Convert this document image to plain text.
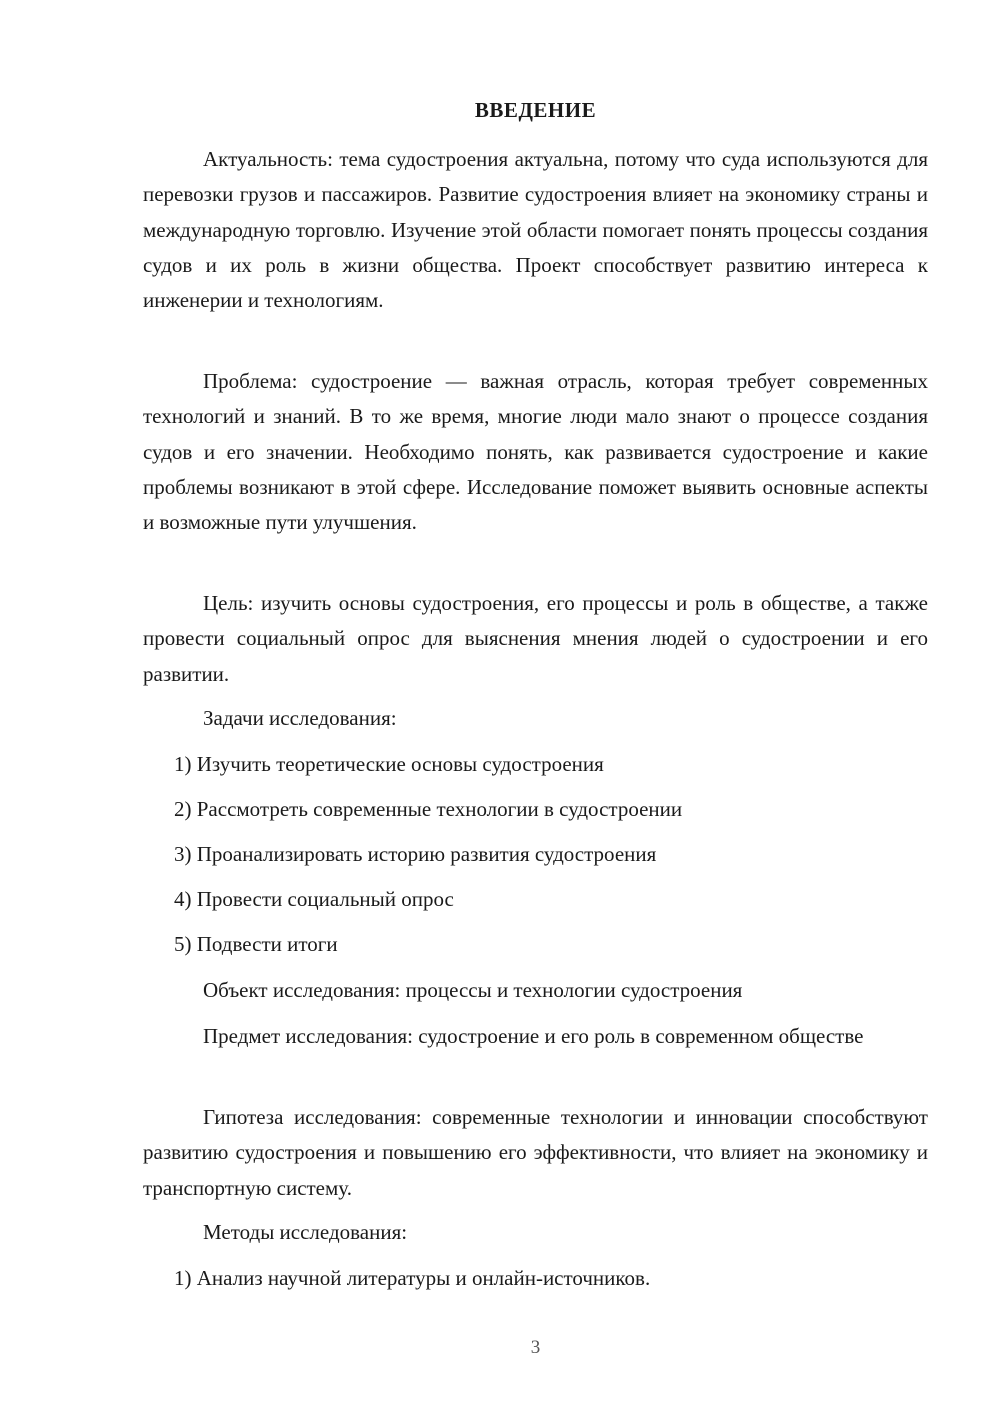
ВВЕДЕНИЕ
Актуальность: тема судостроения актуальна, потому что суда используются для перевозки грузов и пассажиров. Развитие судостроения влияет на экономику страны и международную торговлю. Изучение этой области помогает понять процессы создания судов и их роль в жизни общества. Проект способствует развитию интереса к инженерии и технологиям.
Проблема: судостроение — важная отрасль, которая требует современных технологий и знаний. В то же время, многие люди мало знают о процессе создания судов и его значении. Необходимо понять, как развивается судостроение и какие проблемы возникают в этой сфере. Исследование поможет выявить основные аспекты и возможные пути улучшения.
Цель: изучить основы судостроения, его процессы и роль в обществе, а также провести социальный опрос для выяснения мнения людей о судостроении и его развитии.
Задачи исследования:
1) Изучить теоретические основы судостроения
2) Рассмотреть современные технологии в судостроении
3) Проанализировать историю развития судостроения
4) Провести социальный опрос
5) Подвести итоги
Объект исследования: процессы и технологии судостроения
Предмет исследования: судостроение и его роль в современном обществе
Гипотеза исследования: современные технологии и инновации способствуют развитию судостроения и повышению его эффективности, что влияет на экономику и транспортную систему.
Методы исследования:
1) Анализ научной литературы и онлайн-источников.
3
